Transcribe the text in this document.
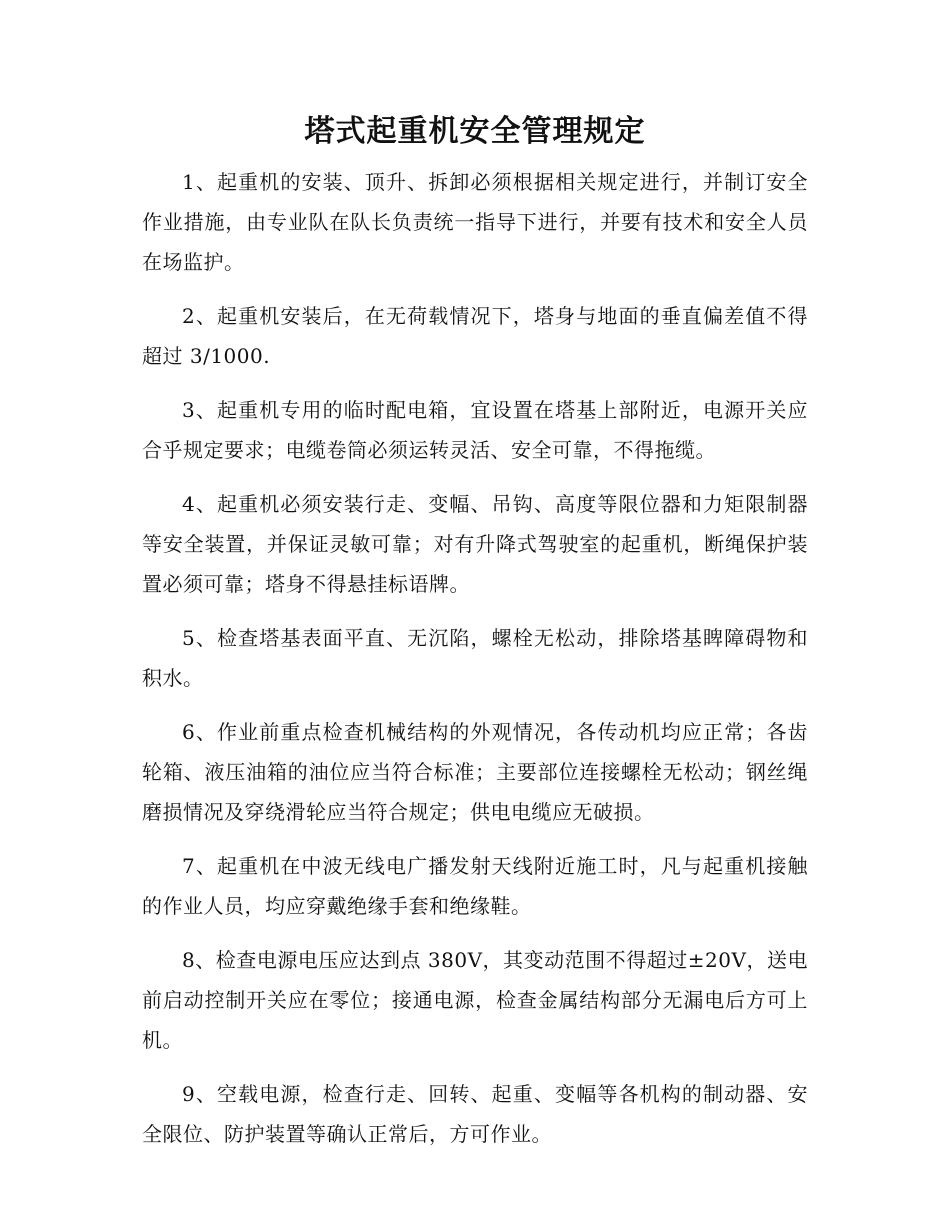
塔式起重机安全管理规定

1、起重机的安装、顶升、拆卸必须根据相关规定进行，并制订安全作业措施，由专业队在队长负责统一指导下进行，并要有技术和安全人员在场监护。

2、起重机安装后，在无荷载情况下，塔身与地面的垂直偏差值不得超过 3/1000.

3、起重机专用的临时配电箱，宜设置在塔基上部附近，电源开关应合乎规定要求；电缆卷筒必须运转灵活、安全可靠，不得拖缆。

4、起重机必须安装行走、变幅、吊钩、高度等限位器和力矩限制器等安全装置，并保证灵敏可靠；对有升降式驾驶室的起重机，断绳保护装置必须可靠；塔身不得悬挂标语牌。

5、检查塔基表面平直、无沉陷，螺栓无松动，排除塔基睥障碍物和积水。

6、作业前重点检查机械结构的外观情况，各传动机均应正常；各齿轮箱、液压油箱的油位应当符合标准；主要部位连接螺栓无松动；钢丝绳磨损情况及穿绕滑轮应当符合规定；供电电缆应无破损。

7、起重机在中波无线电广播发射天线附近施工时，凡与起重机接触的作业人员，均应穿戴绝缘手套和绝缘鞋。

8、检查电源电压应达到点 380V，其变动范围不得超过±20V，送电前启动控制开关应在零位；接通电源，检查金属结构部分无漏电后方可上机。

9、空载电源，检查行走、回转、起重、变幅等各机构的制动器、安全限位、防护装置等确认正常后，方可作业。
